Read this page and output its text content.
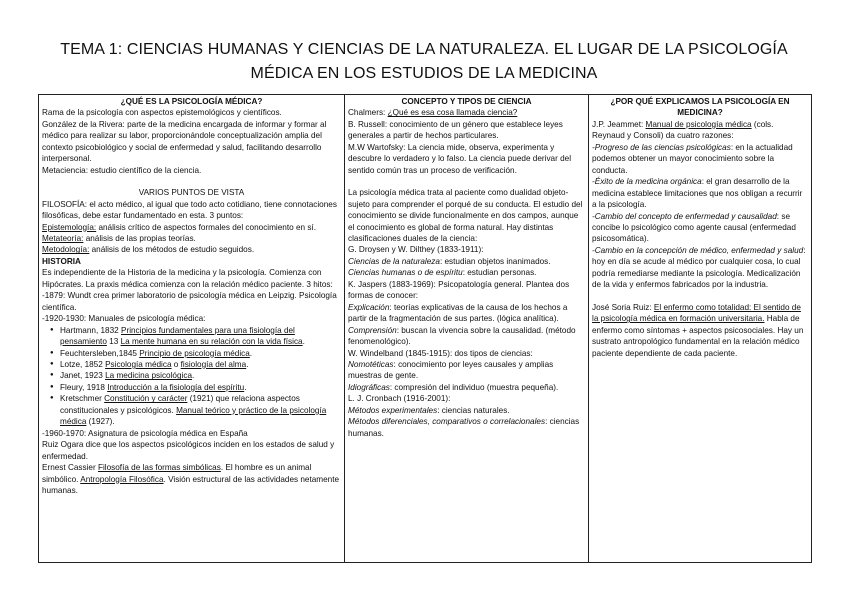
TEMA 1: CIENCIAS HUMANAS Y CIENCIAS DE LA NATURALEZA. EL LUGAR DE LA PSICOLOGÍA MÉDICA EN LOS ESTUDIOS DE LA MEDICINA
¿QUÉ ES LA PSICOLOGÍA MÉDICA?
Rama de la psicología con aspectos epistemológicos y científicos.
González de la Rivera: parte de la medicina encargada de informar y formar al médico para realizar su labor, proporcionándole conceptualización amplia del contexto psicobiológico y social de enfermedad y salud, facilitando desarrollo interpersonal.
Metaciencia: estudio científico de la ciencia.
VARIOS PUNTOS DE VISTA
FILOSOFÍA: el acto médico, al igual que todo acto cotidiano, tiene connotaciones filosóficas, debe estar fundamentado en esta. 3 puntos:
Epistemología: análisis crítico de aspectos formales del conocimiento en sí.
Metateoría: análisis de las propias teorías.
Metodología: análisis de los métodos de estudio seguidos.
HISTORIA
Es independiente de la Historia de la medicina y la psicología. Comienza con Hipócrates. La praxis médica comienza con la relación médico paciente. 3 hitos:
-1879: Wundt crea primer laboratorio de psicología médica en Leipzig. Psicología científica.
-1920-1930: Manuales de psicología médica:
● Hartmann, 1832 Principios fundamentales para una fisiología del pensamiento 13 La mente humana en su relación con la vida física.
● Feuchtersleben,1845 Principio de psicología médica.
● Lotze, 1852 Psicología médica o fisiología del alma.
● Janet, 1923 La medicina psicológica.
● Fleury, 1918 Introducción a la fisiología del espíritu.
● Kretschmer Constitución y carácter (1921) que relaciona aspectos constitucionales y psicológicos. Manual teórico y práctico de la psicología médica (1927).
-1960-1970: Asignatura de psicología médica en España
Ruiz Ogara dice que los aspectos psicológicos inciden en los estados de salud y enfermedad.
Ernest Cassier Filosofía de las formas simbólicas. El hombre es un animal simbólico. Antropología Filosófica. Visión estructural de las actividades netamente humanas.

CONCEPTO Y TIPOS DE CIENCIA
Chalmers: ¿Qué es esa cosa llamada ciencia?
B. Russell: conocimiento de un género que establece leyes generales a partir de hechos particulares.
M.W Wartofsky: La ciencia mide, observa, experimenta y descubre lo verdadero y lo falso. La ciencia puede derivar del sentido común tras un proceso de verificación.
La psicología médica trata al paciente como dualidad objeto-sujeto para comprender el porqué de su conducta. El estudio del conocimiento se divide funcionalmente en dos campos, aunque el conocimiento es global de forma natural. Hay distintas clasificaciones duales de la ciencia:
G. Droysen y W. Dilthey (1833-1911):
Ciencias de la naturaleza: estudian objetos inanimados.
Ciencias humanas o de espíritu: estudian personas.
K. Jaspers (1883-1969): Psicopatología general. Plantea dos formas de conocer:
Explicación: teorías explicativas de la causa de los hechos a partir de la fragmentación de sus partes. (lógica analítica).
Comprensión: buscan la vivencia sobre la causalidad. (método fenomenológico).
W. Windelband (1845-1915): dos tipos de ciencias:
Nomotéticas: conocimiento por leyes causales y amplias muestras de gente.
Idiográficas: compresión del individuo (muestra pequeña).
L. J. Cronbach (1916-2001):
Métodos experimentales: ciencias naturales.
Métodos diferenciales, comparativos o correlacionales: ciencias humanas.

¿POR QUÉ EXPLICAMOS LA PSICOLOGÍA EN MEDICINA?
J.P. Jeammet: Manual de psicología médica (cols. Reynaud y Consoli) da cuatro razones:
-Progreso de las ciencias psicológicas: en la actualidad podemos obtener un mayor conocimiento sobre la conducta.
-Éxito de la medicina orgánica: el gran desarrollo de la medicina establece limitaciones que nos obligan a recurrir a la psicología.
-Cambio del concepto de enfermedad y causalidad: se concibe lo psicológico como agente causal (enfermedad psicosomática).
-Cambio en la concepción de médico, enfermedad y salud: hoy en día se acude al médico por cualquier cosa, lo cual podría remediarse mediante la psicología. Medicalización de la vida y enfermos fabricados por la industria.
José Soria Ruiz: El enfermo como totalidad: El sentido de la psicología médica en formación universitaria. Habla de enfermo como síntomas + aspectos psicosociales. Hay un sustrato antropológico fundamental en la relación médico paciente dependiente de cada paciente.
